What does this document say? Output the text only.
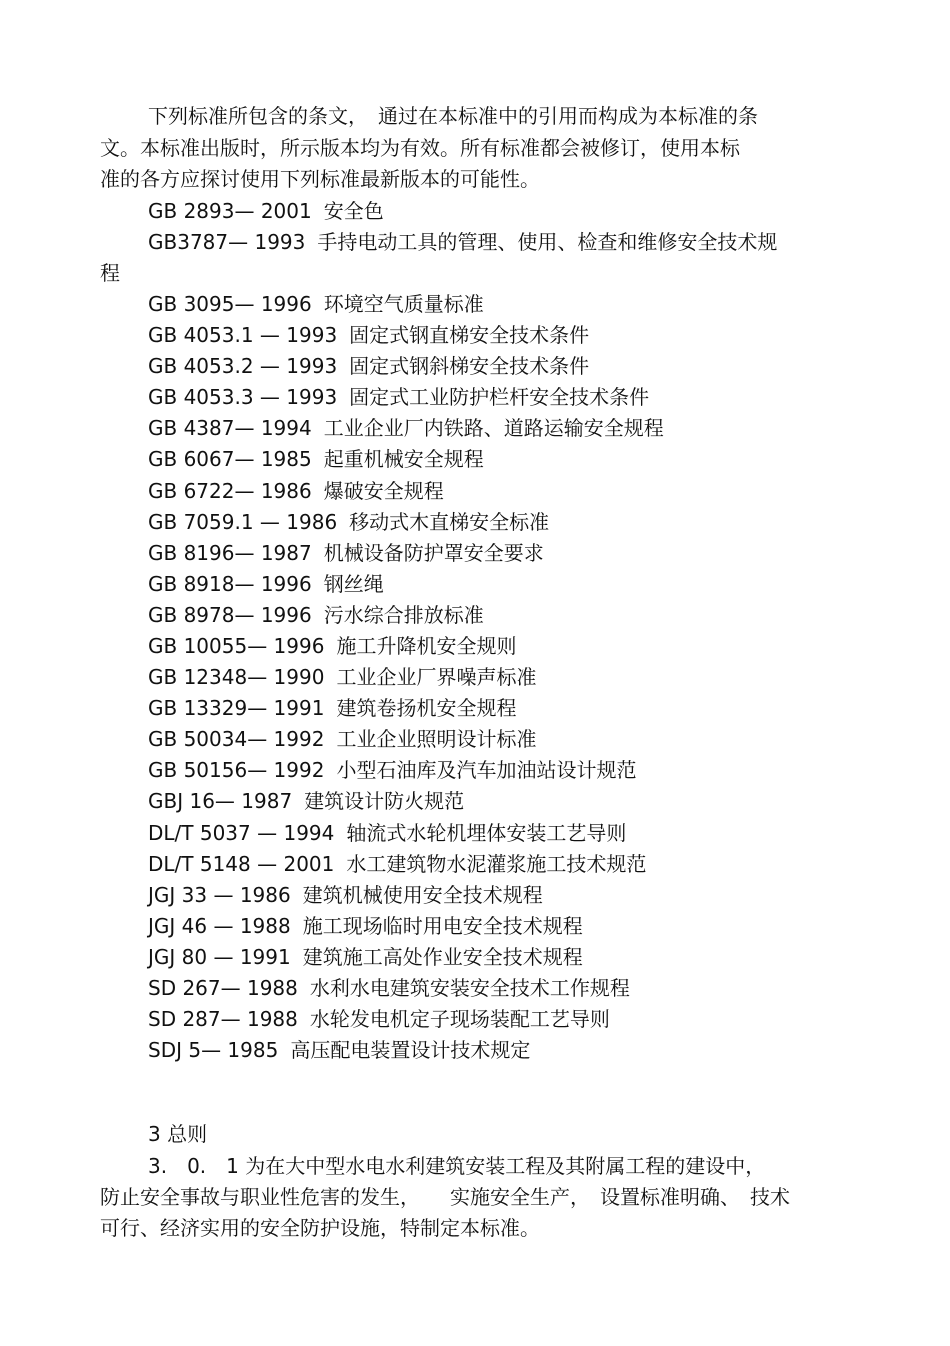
下列标准所包含的条文，　通过在本标准中的引用而构成为本标准的条
文。本标准出版时，所示版本均为有效。所有标准都会被修订，使用本标
准的各方应探讨使用下列标准最新版本的可能性。
GB 2893— 2001 安全色
GB3787— 1993 手持电动工具的管理、使用、检查和维修安全技术规
程
GB 3095— 1996 环境空气质量标准
GB 4053.1 — 1993 固定式钢直梯安全技术条件
GB 4053.2 — 1993 固定式钢斜梯安全技术条件
GB 4053.3 — 1993 固定式工业防护栏杆安全技术条件
GB 4387— 1994 工业企业厂内铁路、道路运输安全规程
GB 6067— 1985 起重机械安全规程
GB 6722— 1986 爆破安全规程
GB 7059.1 — 1986 移动式木直梯安全标准
GB 8196— 1987 机械设备防护罩安全要求
GB 8918— 1996 钢丝绳
GB 8978— 1996 污水综合排放标准
GB 10055— 1996 施工升降机安全规则
GB 12348— 1990 工业企业厂界噪声标准
GB 13329— 1991 建筑卷扬机安全规程
GB 50034— 1992 工业企业照明设计标准
GB 50156— 1992 小型石油库及汽车加油站设计规范
GBJ 16— 1987 建筑设计防火规范
DL/T 5037 — 1994 轴流式水轮机埋体安装工艺导则
DL/T 5148 — 2001 水工建筑物水泥灌浆施工技术规范
JGJ 33 — 1986 建筑机械使用安全技术规程
JGJ 46 — 1988 施工现场临时用电安全技术规程
JGJ 80 — 1991 建筑施工高处作业安全技术规程
SD 267— 1988 水利水电建筑安装安全技术工作规程
SD 287— 1988 水轮发电机定子现场装配工艺导则
SDJ 5— 1985 高压配电装置设计技术规定
3 总则
3.　0.　1 为在大中型水电水利建筑安装工程及其附属工程的建设中，
防止安全事故与职业性危害的发生，　　实施安全生产，　设置标准明确、　技术
可行、经济实用的安全防护设施，特制定本标准。
